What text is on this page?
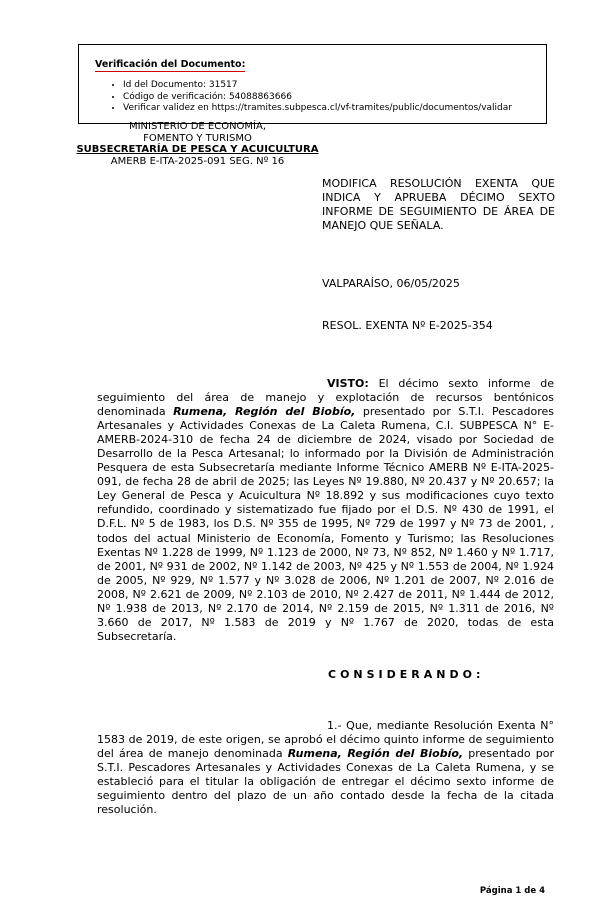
Verificación del Documento:
• Id del Documento: 31517
• Código de verificación: 54088863666
• Verificar validez en https://tramites.subpesca.cl/vf-tramites/public/documentos/validar
MINISTERIO DE ECONOMÍA,
FOMENTO Y TURISMO
SUBSECRETARÍA DE PESCA Y ACUICULTURA
AMERB E-ITA-2025-091 SEG. Nº 16
MODIFICA RESOLUCIÓN EXENTA QUE INDICA Y APRUEBA DÉCIMO SEXTO INFORME DE SEGUIMIENTO DE ÁREA DE MANEJO QUE SEÑALA.
VALPARAÍSO, 06/05/2025
RESOL. EXENTA Nº E-2025-354

VISTO: El décimo sexto informe de seguimiento del área de manejo y explotación de recursos bentónicos denominada Rumena, Región del Biobío, presentado por S.T.I. Pescadores Artesanales y Actividades Conexas de La Caleta Rumena, C.I. SUBPESCA N° E-AMERB-2024-310 de fecha 24 de diciembre de 2024, visado por Sociedad de Desarrollo de la Pesca Artesanal; lo informado por la División de Administración Pesquera de esta Subsecretaría mediante Informe Técnico AMERB Nº E-ITA-2025-091, de fecha 28 de abril de 2025; las Leyes Nº 19.880, Nº 20.437 y Nº 20.657; la Ley General de Pesca y Acuicultura Nº 18.892 y sus modificaciones cuyo texto refundido, coordinado y sistematizado fue fijado por el D.S. Nº 430 de 1991, el D.F.L. Nº 5 de 1983, los D.S. Nº 355 de 1995, Nº 729 de 1997 y Nº 73 de 2001, , todos del actual Ministerio de Economía, Fomento y Turismo; las Resoluciones Exentas Nº 1.228 de 1999, Nº 1.123 de 2000, Nº 73, Nº 852, Nº 1.460 y Nº 1.717, de 2001, Nº 931 de 2002, Nº 1.142 de 2003, Nº 425 y Nº 1.553 de 2004, Nº 1.924 de 2005, Nº 929, Nº 1.577 y Nº 3.028 de 2006, Nº 1.201 de 2007, Nº 2.016 de 2008, Nº 2.621 de 2009, Nº 2.103 de 2010, Nº 2.427 de 2011, Nº 1.444 de 2012, Nº 1.938 de 2013, Nº 2.170 de 2014, Nº 2.159 de 2015, Nº 1.311 de 2016, Nº 3.660 de 2017, Nº 1.583 de 2019 y Nº 1.767 de 2020, todas de esta Subsecretaría.

CONSIDERANDO:

1.- Que, mediante Resolución Exenta N° 1583 de 2019, de este origen, se aprobó el décimo quinto informe de seguimiento del área de manejo denominada Rumena, Región del Biobío, presentado por S.T.I. Pescadores Artesanales y Actividades Conexas de La Caleta Rumena, y se estableció para el titular la obligación de entregar el décimo sexto informe de seguimiento dentro del plazo de un año contado desde la fecha de la citada resolución.

Página 1 de 4
